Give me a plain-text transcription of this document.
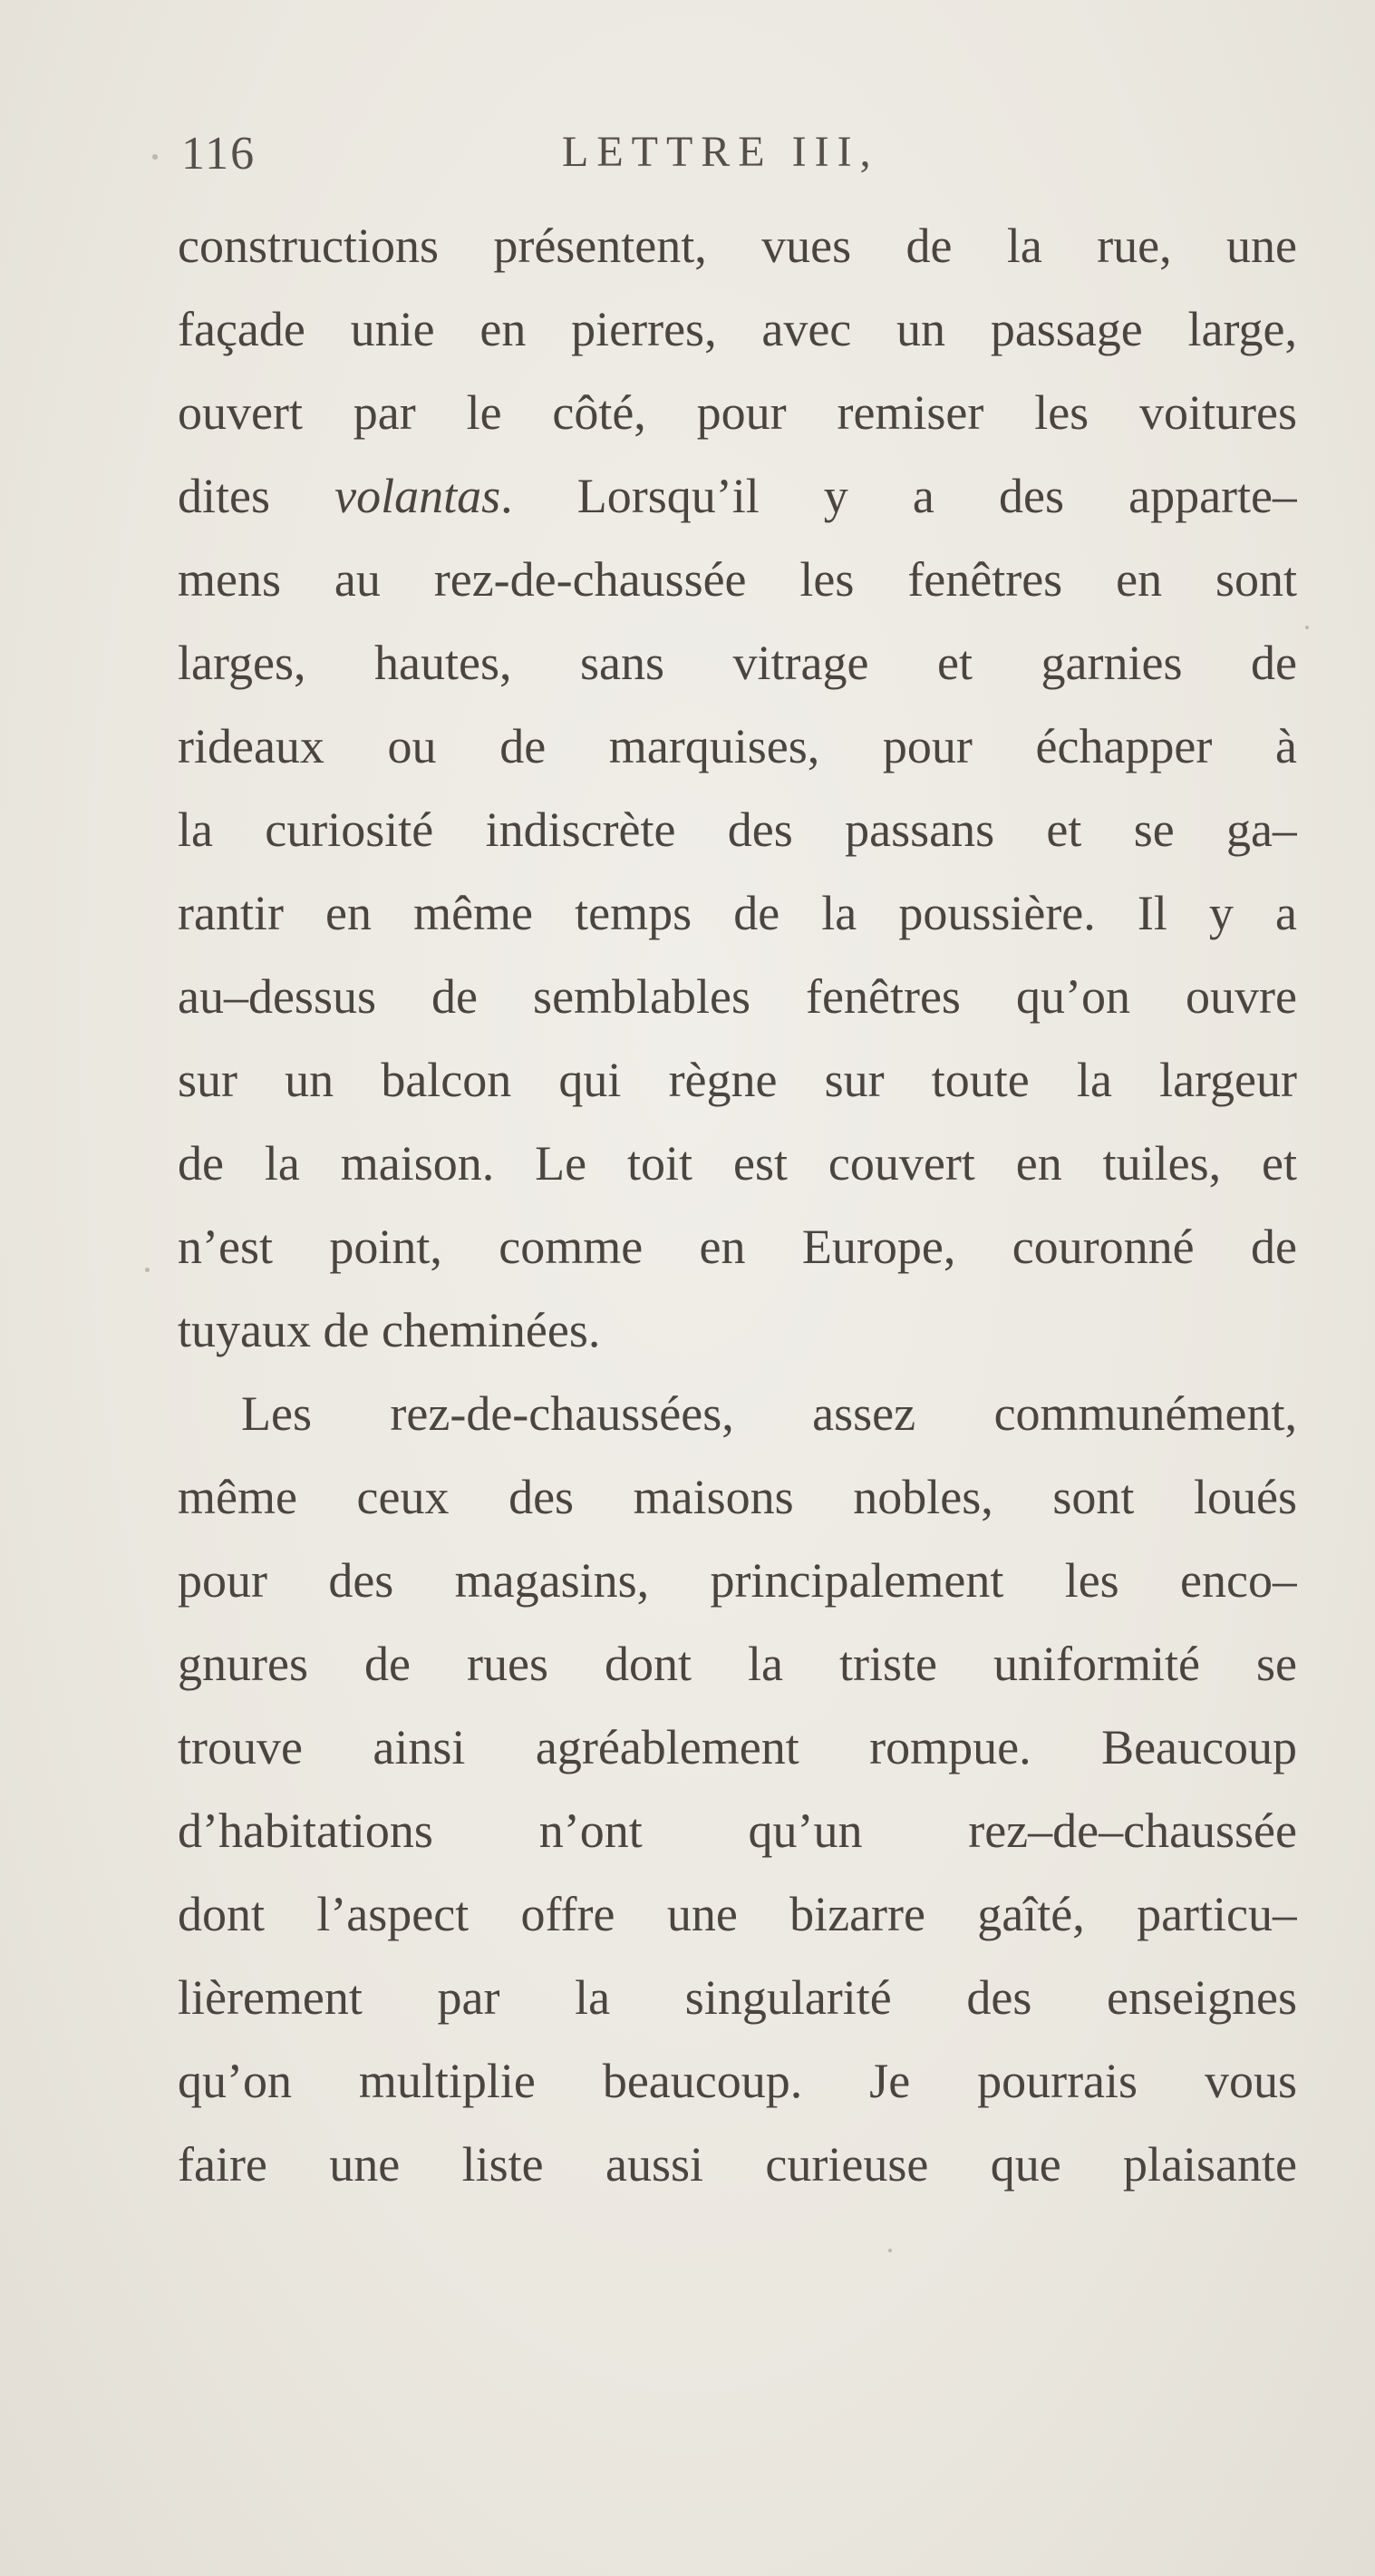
116	LETTRE III,
constructions présentent, vues de la rue, une
façade unie en pierres, avec un passage large,
ouvert par le côté, pour remiser les voitures
dites volantas. Lorsqu’il y a des apparte–
mens au rez-de-chaussée les fenêtres en sont
larges, hautes, sans vitrage et garnies de
rideaux ou de marquises, pour échapper à
la curiosité indiscrète des passans et se ga–
rantir en même temps de la poussière. Il y a
au–dessus de semblables fenêtres qu’on ouvre
sur un balcon qui règne sur toute la largeur
de la maison. Le toit est couvert en tuiles, et
n’est point, comme en Europe, couronné de
tuyaux de cheminées.
Les rez-de-chaussées, assez communément,
même ceux des maisons nobles, sont loués
pour des magasins, principalement les enco–
gnures de rues dont la triste uniformité se
trouve ainsi agréablement rompue. Beaucoup
d’habitations n’ont qu’un rez–de–chaussée
dont l’aspect offre une bizarre gaîté, particu–
lièrement par la singularité des enseignes
qu’on multiplie beaucoup. Je pourrais vous
faire une liste aussi curieuse que plaisante
